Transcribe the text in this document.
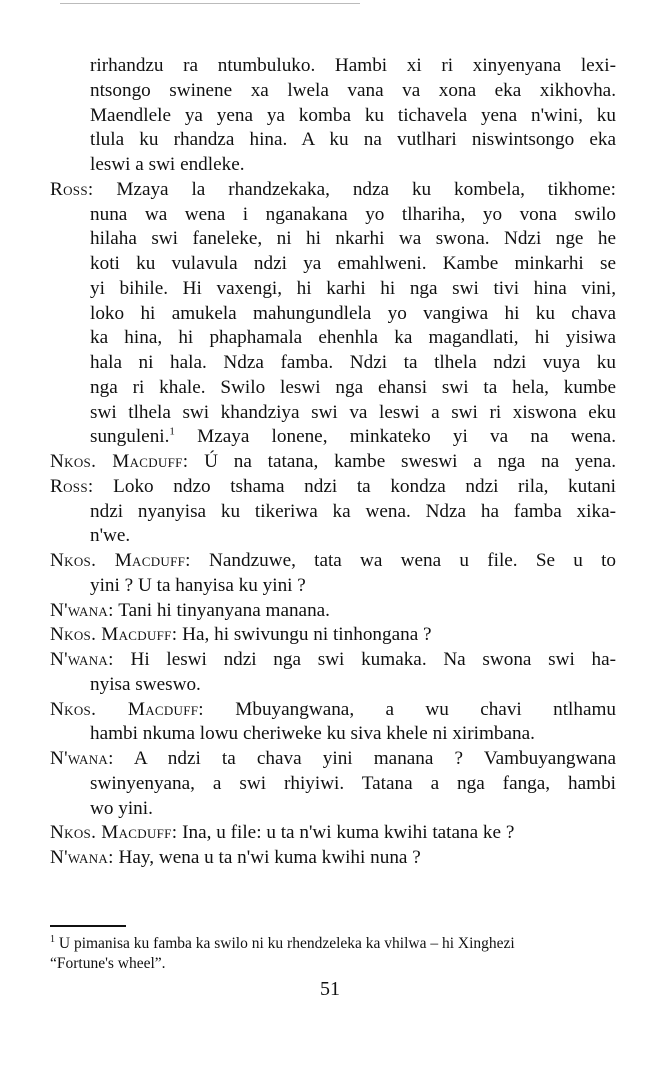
rirhandzu ra ntumbuluko. Hambi xi ri xinyenyana lexi-
ntsongo swinene xa lwela vana va xona eka xikhovha.
Maendlele ya yena ya komba ku tichavela yena n'wini, ku
tlula ku rhandza hina. A ku na vutlhari niswintsongo eka
leswi a swi endleke.
Ross: Mzaya la rhandzekaka, ndza ku kombela, tikhome:
nuna wa wena i nganakana yo tlhariha, yo vona swilo
hilaha swi faneleke, ni hi nkarhi wa swona. Ndzi nge he
koti ku vulavula ndzi ya emahlweni. Kambe minkarhi se
yi bihile. Hi vaxengi, hi karhi hi nga swi tivi hina vini,
loko hi amukela mahungundlela yo vangiwa hi ku chava
ka hina, hi phaphamala ehenhla ka magandlati, hi yisiwa
hala ni hala. Ndza famba. Ndzi ta tlhela ndzi vuya ku
nga ri khale. Swilo leswi nga ehansi swi ta hela, kumbe
swi tlhela swi khandziya swi va leswi a swi ri xiswona eku
sunguleni.$^1$ Mzaya lonene, minkateko yi va na wena.
Nkos. Macduff: Ú na tatana, kambe sweswi a nga na yena.
Ross: Loko ndzo tshama ndzi ta kondza ndzi rila, kutani
ndzi nyanyisa ku tikeriwa ka wena. Ndza ha famba xika-
n'we.
Nkos. Macduff: Nandzuwe, tata wa wena u file. Se u to
yini ? U ta hanyisa ku yini ?
N'wana: Tani hi tinyanyana manana.
Nkos. Macduff: Ha, hi swivungu ni tinhongana ?
N'wana: Hi leswi ndzi nga swi kumaka. Na swona swi ha-
nyisa sweswo.
Nkos. Macduff: Mbuyangwana, a wu chavi ntlhamu
hambi nkuma lowu cheriweke ku siva khele ni xirimbana.
N'wana: A ndzi ta chava yini manana ? Vambuyangwana
swinyenyana, a swi rhiyiwi. Tatana a nga fanga, hambi
wo yini.
Nkos. Macduff: Ina, u file: u ta n'wi kuma kwihi tatana ke ?
N'wana: Hay, wena u ta n'wi kuma kwihi nuna ?
$^1$ U pimanisa ku famba ka swilo ni ku rhendzeleka ka vhilwa – hi Xinghezi
“Fortune's wheel”.
51
